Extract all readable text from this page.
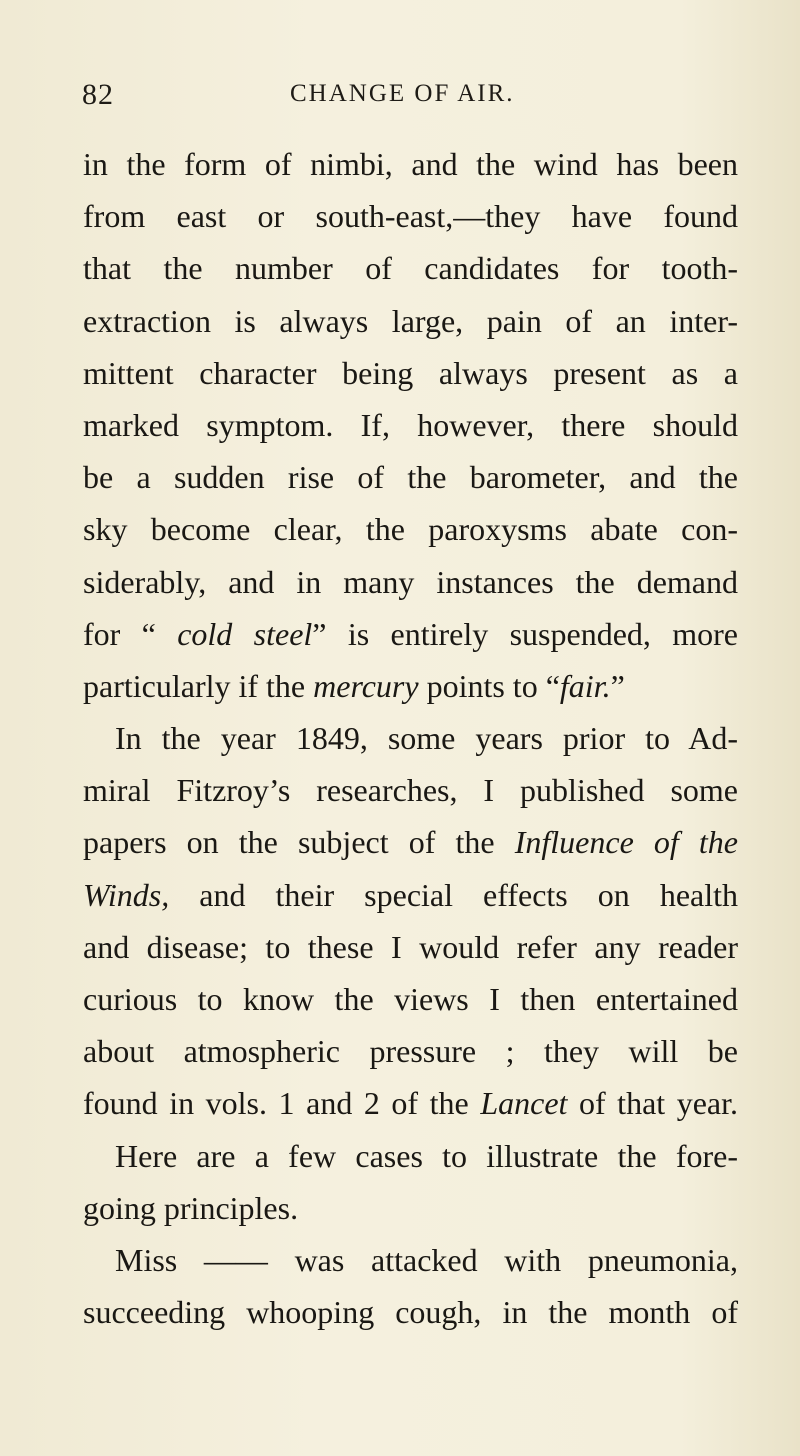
82	CHANGE OF AIR.
in the form of nimbi, and the wind has been
from east or south-east,—they have found
that the number of candidates for tooth-
extraction is always large, pain of an inter-
mittent character being always present as a
marked symptom. If, however, there should
be a sudden rise of the barometer, and the
sky become clear, the paroxysms abate con-
siderably, and in many instances the demand
for “ cold steel” is entirely suspended, more
particularly if the mercury points to “fair.”
In the year 1849, some years prior to Ad-
miral Fitzroy’s researches, I published some
papers on the subject of the Influence of the
Winds, and their special effects on health
and disease; to these I would refer any reader
curious to know the views I then entertained
about atmospheric pressure ; they will be
found in vols. 1 and 2 of the Lancet of that year.
Here are a few cases to illustrate the fore-
going principles.
Miss —— was attacked with pneumonia,
succeeding whooping cough, in the month of
